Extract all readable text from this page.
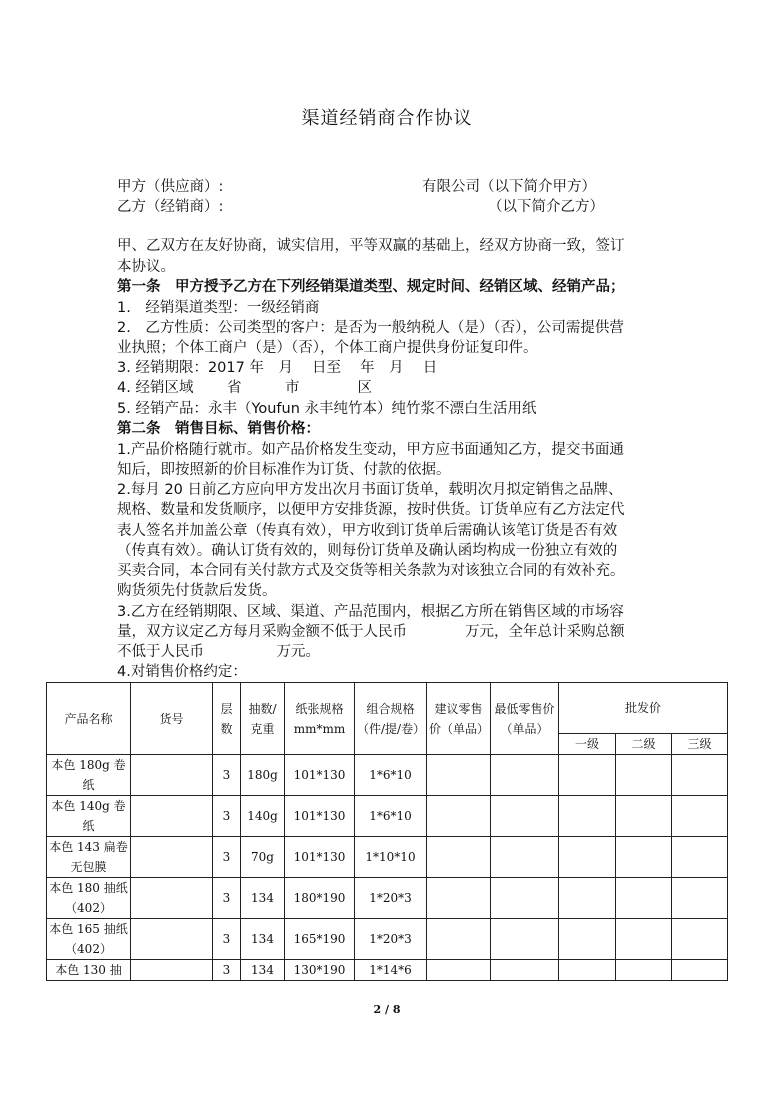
渠道经销商合作协议
甲方（供应商）:	有限公司（以下简介甲方）
乙方（经销商）:	（以下简介乙方）
甲、乙双方在友好协商，诚实信用，平等双赢的基础上，经双方协商一致，签订
本协议。
第一条　甲方授予乙方在下列经销渠道类型、规定时间、经销区域、经销产品；
1.　经销渠道类型：一级经销商
2.　乙方性质：公司类型的客户：是否为一般纳税人（是）（否），公司需提供营
业执照；个体工商户（是）（否），个体工商户提供身份证复印件。
3. 经销期限：2017 年　月　 日至　 年　月　 日
4. 经销区域　　 省　　　市　　　　区
5. 经销产品：永丰（Youfun 永丰纯竹本）纯竹浆不漂白生活用纸
第二条　销售目标、销售价格：
1.产品价格随行就市。如产品价格发生变动，甲方应书面通知乙方，提交书面通
知后，即按照新的价目标准作为订货、付款的依据。
2.每月 20 日前乙方应向甲方发出次月书面订货单，载明次月拟定销售之品牌、
规格、数量和发货顺序，以便甲方安排货源，按时供货。订货单应有乙方法定代
表人签名并加盖公章（传真有效），甲方收到订货单后需确认该笔订货是否有效
（传真有效）。确认订货有效的，则每份订货单及确认函均构成一份独立有效的
买卖合同，本合同有关付款方式及交货等相关条款为对该独立合同的有效补充。
购货须先付货款后发货。
3.乙方在经销期限、区域、渠道、产品范围内，根据乙方所在销售区域的市场容
量，双方议定乙方每月采购金额不低于人民币　　　　万元，全年总计采购总额
不低于人民币　　　　　万元。
4.对销售价格约定：
产品名称	货号	层数	抽数/克重	纸张规格mm*mm	组合规格（件/提/卷）	建议零售价（单品）	最低零售价（单品）	批发价		
								一级	二级	三级
本色 180g 卷纸		3	180g	101*130	1*6*10					
本色 140g 卷纸		3	140g	101*130	1*6*10					
本色 143 扁卷无包膜		3	70g	101*130	1*10*10					
本色 180 抽纸（402）		3	134	180*190	1*20*3					
本色 165 抽纸（402）		3	134	165*190	1*20*3					
本色 130 抽		3	134	130*190	1*14*6					
2 / 8
